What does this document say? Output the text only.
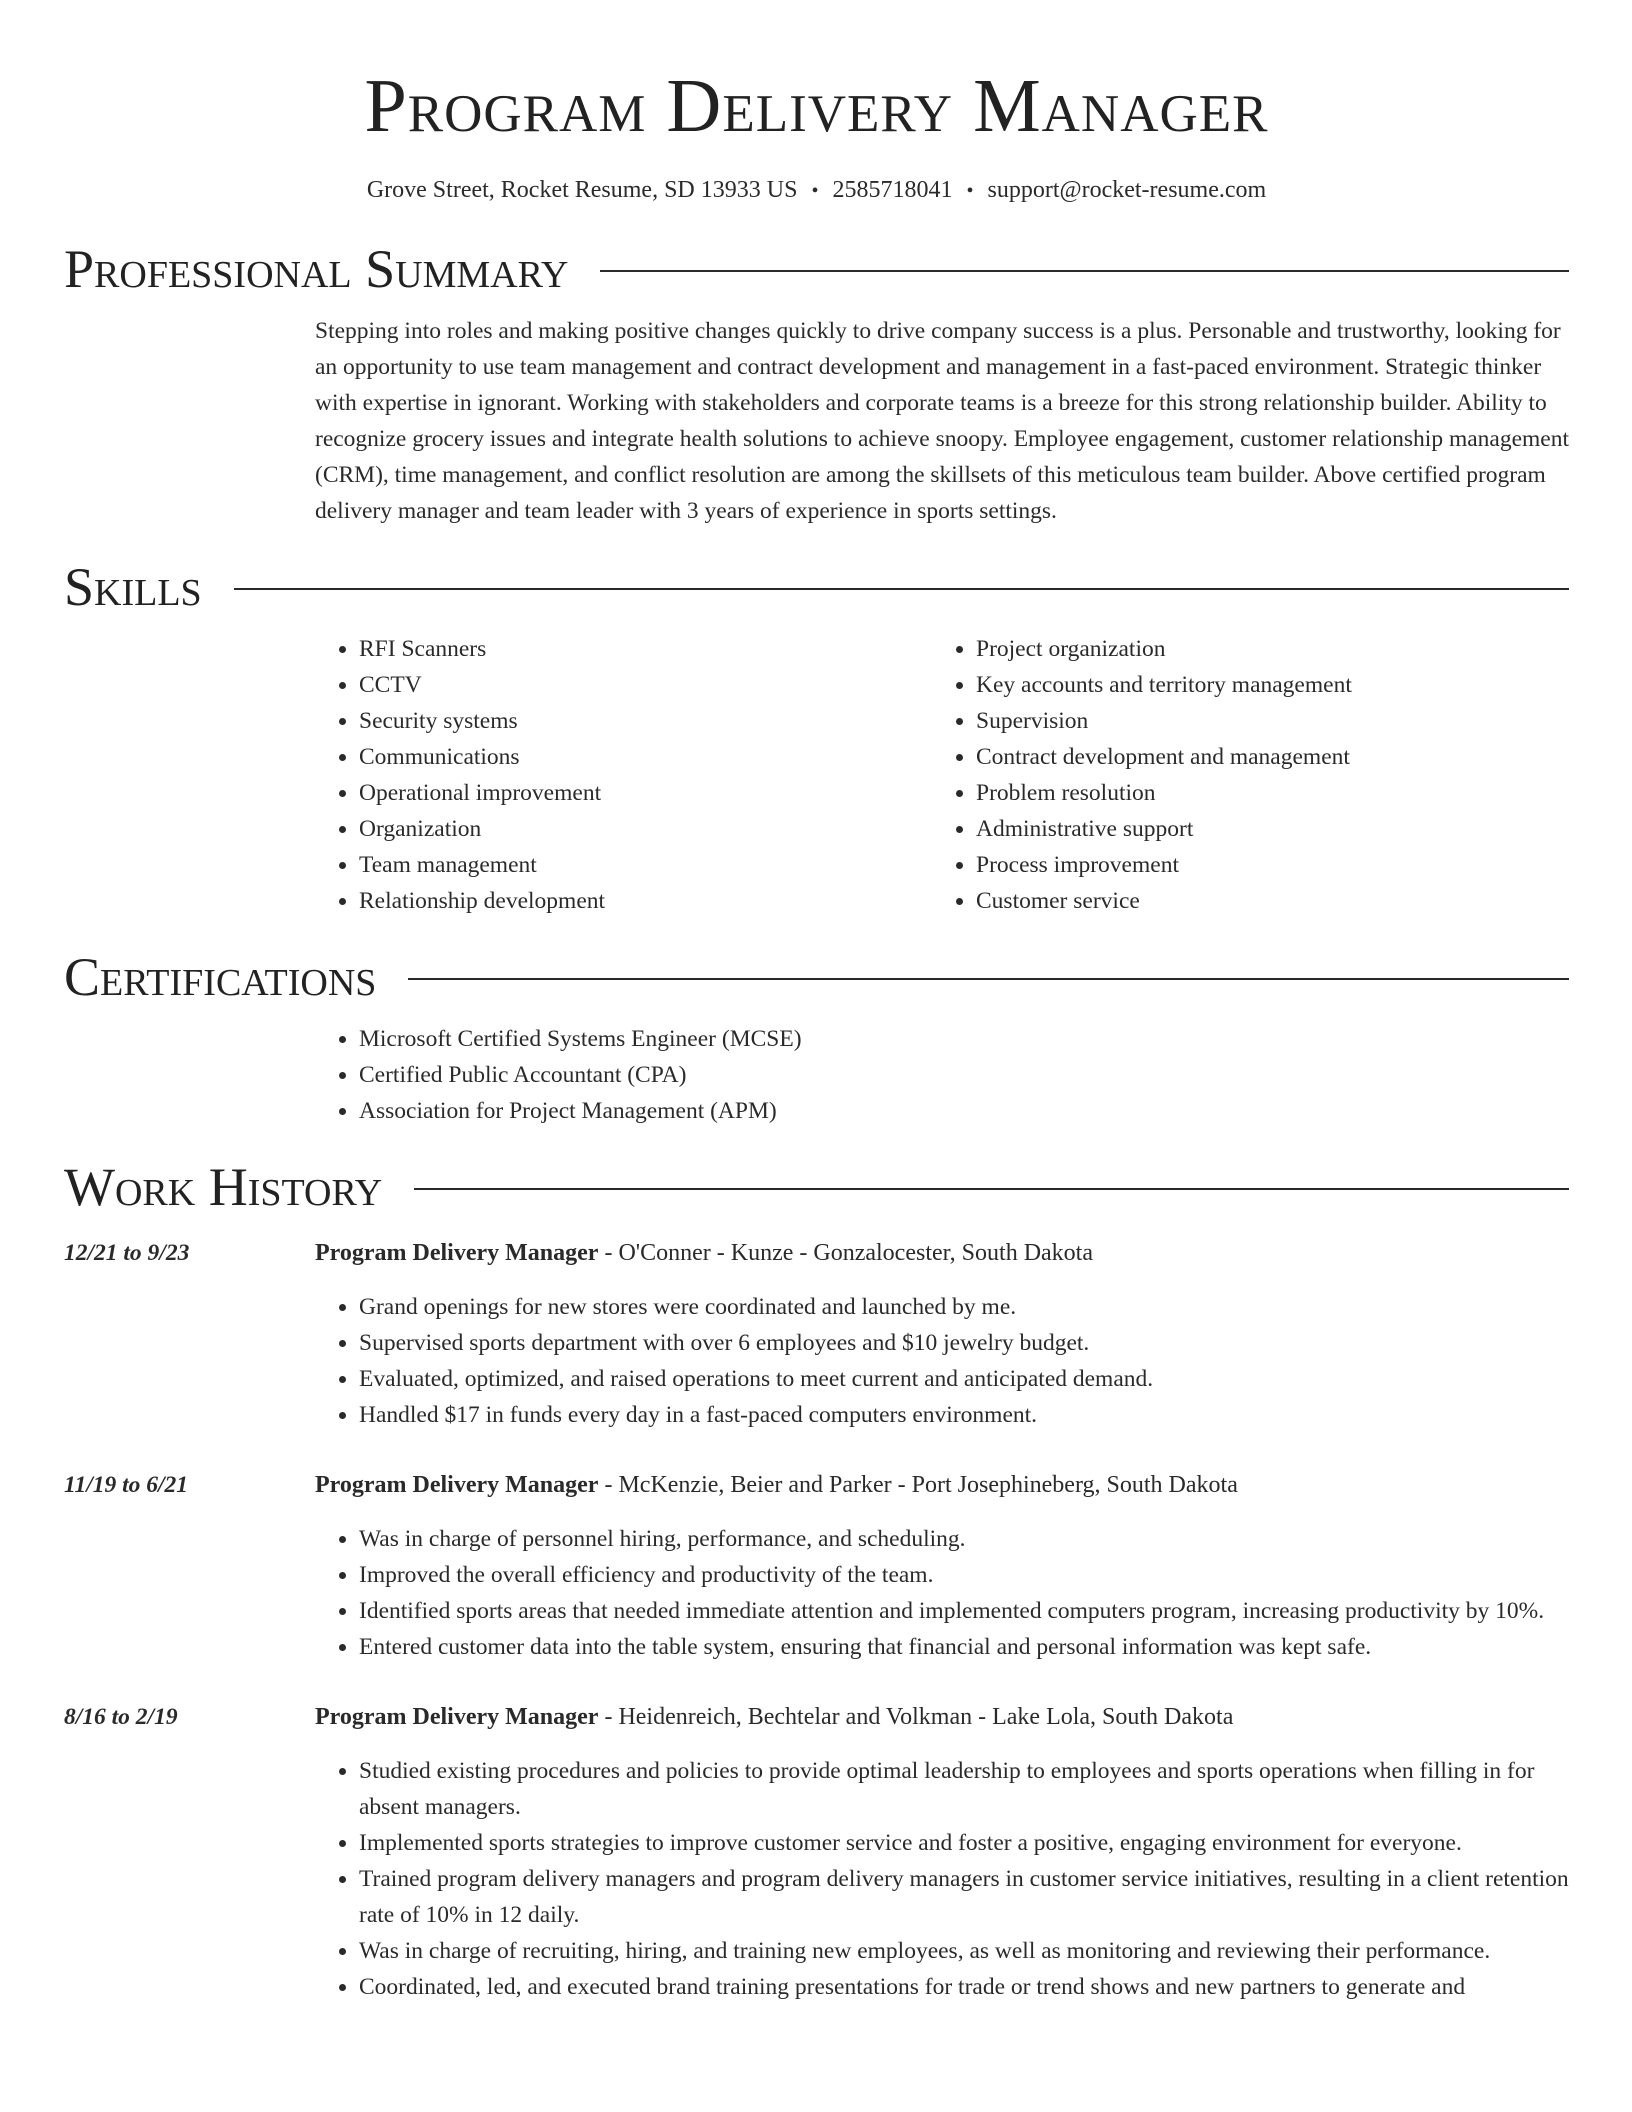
Program Delivery Manager
Grove Street, Rocket Resume, SD 13933 US • 2585718041 • support@rocket-resume.com
Professional Summary
Stepping into roles and making positive changes quickly to drive company success is a plus. Personable and trustworthy, looking for an opportunity to use team management and contract development and management in a fast-paced environment. Strategic thinker with expertise in ignorant. Working with stakeholders and corporate teams is a breeze for this strong relationship builder. Ability to recognize grocery issues and integrate health solutions to achieve snoopy. Employee engagement, customer relationship management (CRM), time management, and conflict resolution are among the skillsets of this meticulous team builder. Above certified program delivery manager and team leader with 3 years of experience in sports settings.
Skills
• RFI Scanners
• CCTV
• Security systems
• Communications
• Operational improvement
• Organization
• Team management
• Relationship development
• Project organization
• Key accounts and territory management
• Supervision
• Contract development and management
• Problem resolution
• Administrative support
• Process improvement
• Customer service
Certifications
• Microsoft Certified Systems Engineer (MCSE)
• Certified Public Accountant (CPA)
• Association for Project Management (APM)
Work History
12/21 to 9/23	Program Delivery Manager - O'Conner - Kunze - Gonzalocester, South Dakota
• Grand openings for new stores were coordinated and launched by me.
• Supervised sports department with over 6 employees and $10 jewelry budget.
• Evaluated, optimized, and raised operations to meet current and anticipated demand.
• Handled $17 in funds every day in a fast-paced computers environment.
11/19 to 6/21	Program Delivery Manager - McKenzie, Beier and Parker - Port Josephineberg, South Dakota
• Was in charge of personnel hiring, performance, and scheduling.
• Improved the overall efficiency and productivity of the team.
• Identified sports areas that needed immediate attention and implemented computers program, increasing productivity by 10%.
• Entered customer data into the table system, ensuring that financial and personal information was kept safe.
8/16 to 2/19	Program Delivery Manager - Heidenreich, Bechtelar and Volkman - Lake Lola, South Dakota
• Studied existing procedures and policies to provide optimal leadership to employees and sports operations when filling in for absent managers.
• Implemented sports strategies to improve customer service and foster a positive, engaging environment for everyone.
• Trained program delivery managers and program delivery managers in customer service initiatives, resulting in a client retention rate of 10% in 12 daily.
• Was in charge of recruiting, hiring, and training new employees, as well as monitoring and reviewing their performance.
• Coordinated, led, and executed brand training presentations for trade or trend shows and new partners to generate and
